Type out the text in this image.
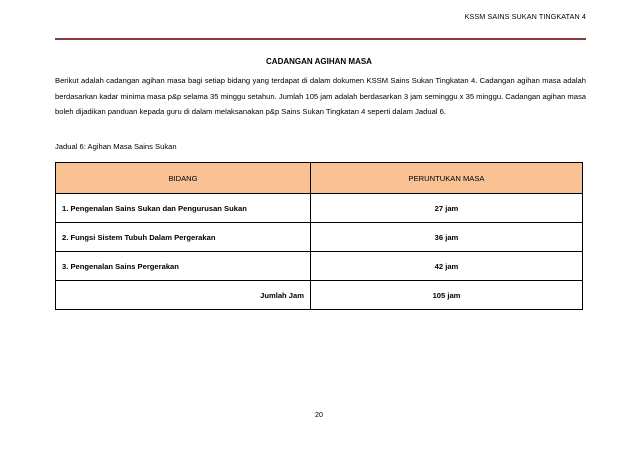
KSSM SAINS SUKAN TINGKATAN 4
CADANGAN AGIHAN MASA
Berikut adalah cadangan agihan masa bagi setiap bidang yang terdapat di dalam dokumen KSSM Sains Sukan Tingkatan 4. Cadangan agihan masa adalah berdasarkan kadar minima masa p&p selama 35 minggu setahun. Jumlah 105 jam adalah berdasarkan 3 jam seminggu x 35 minggu. Cadangan agihan masa boleh dijadikan panduan kepada guru di dalam melaksanakan p&p Sains Sukan Tingkatan 4 seperti dalam Jadual 6.
Jadual 6: Agihan Masa Sains Sukan
BIDANG	PERUNTUKAN MASA
1. Pengenalan Sains Sukan dan Pengurusan Sukan	27 jam
2. Fungsi Sistem Tubuh Dalam Pergerakan	36 jam
3. Pengenalan Sains Pergerakan	42 jam
Jumlah Jam	105 jam
20
